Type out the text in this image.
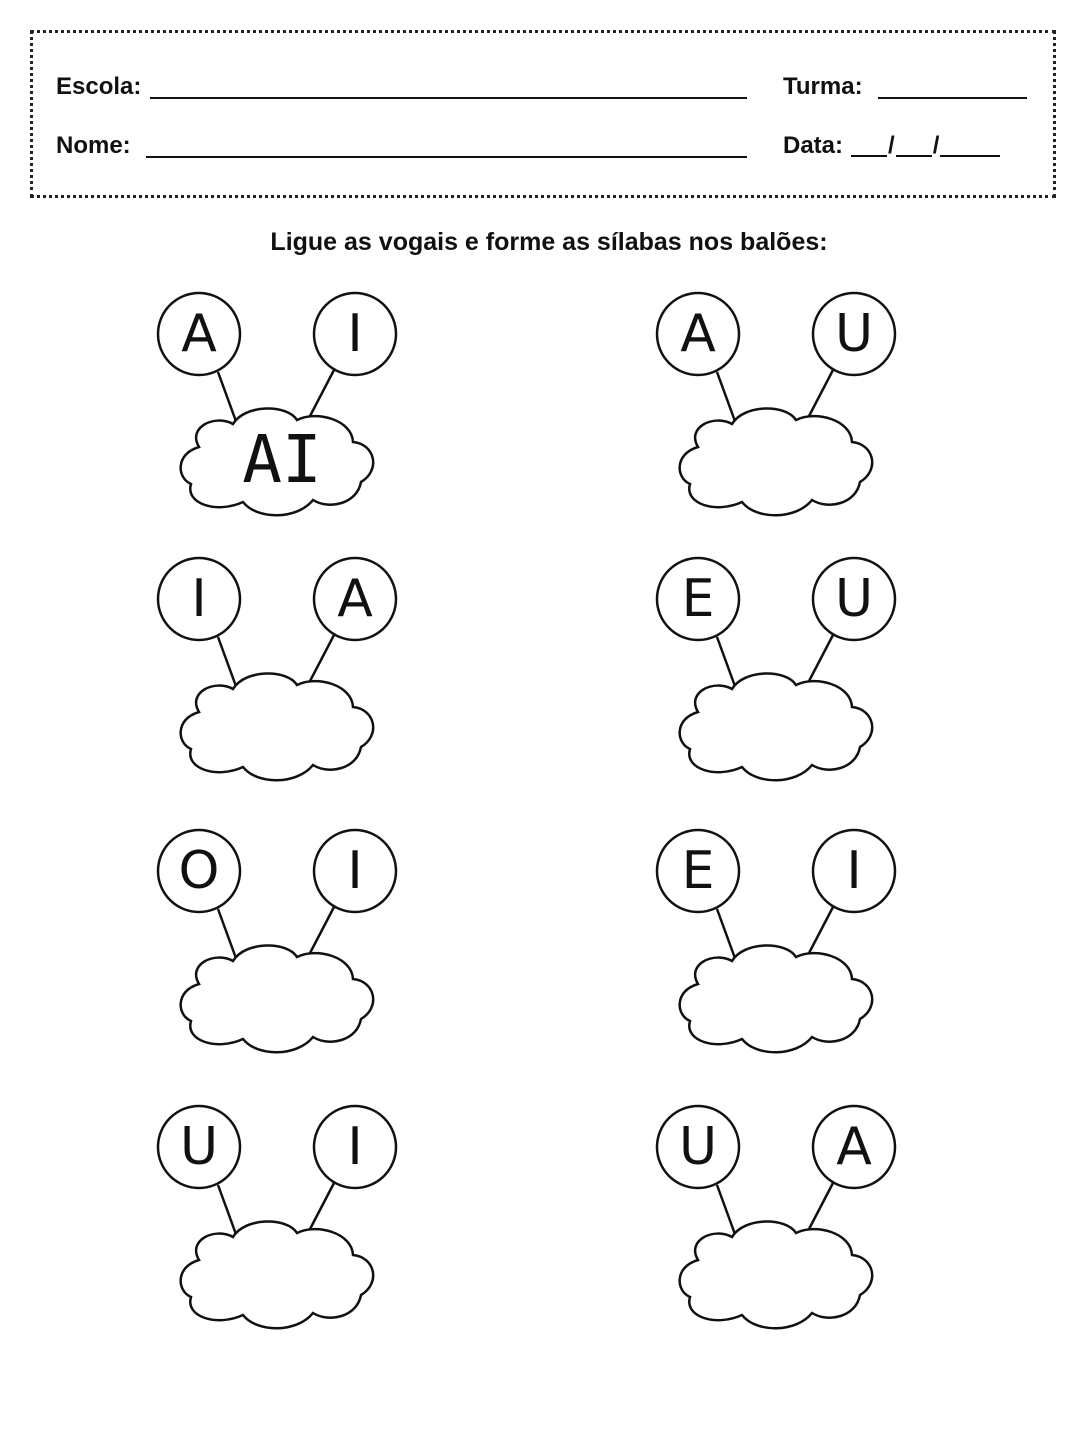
Escola:	Turma:
Nome:	Data: / /
Ligue as vogais e forme as sílabas nos balões:
A	I
AI
A	U
I	A	E	U
O	I	E	I
U	I	U	A
